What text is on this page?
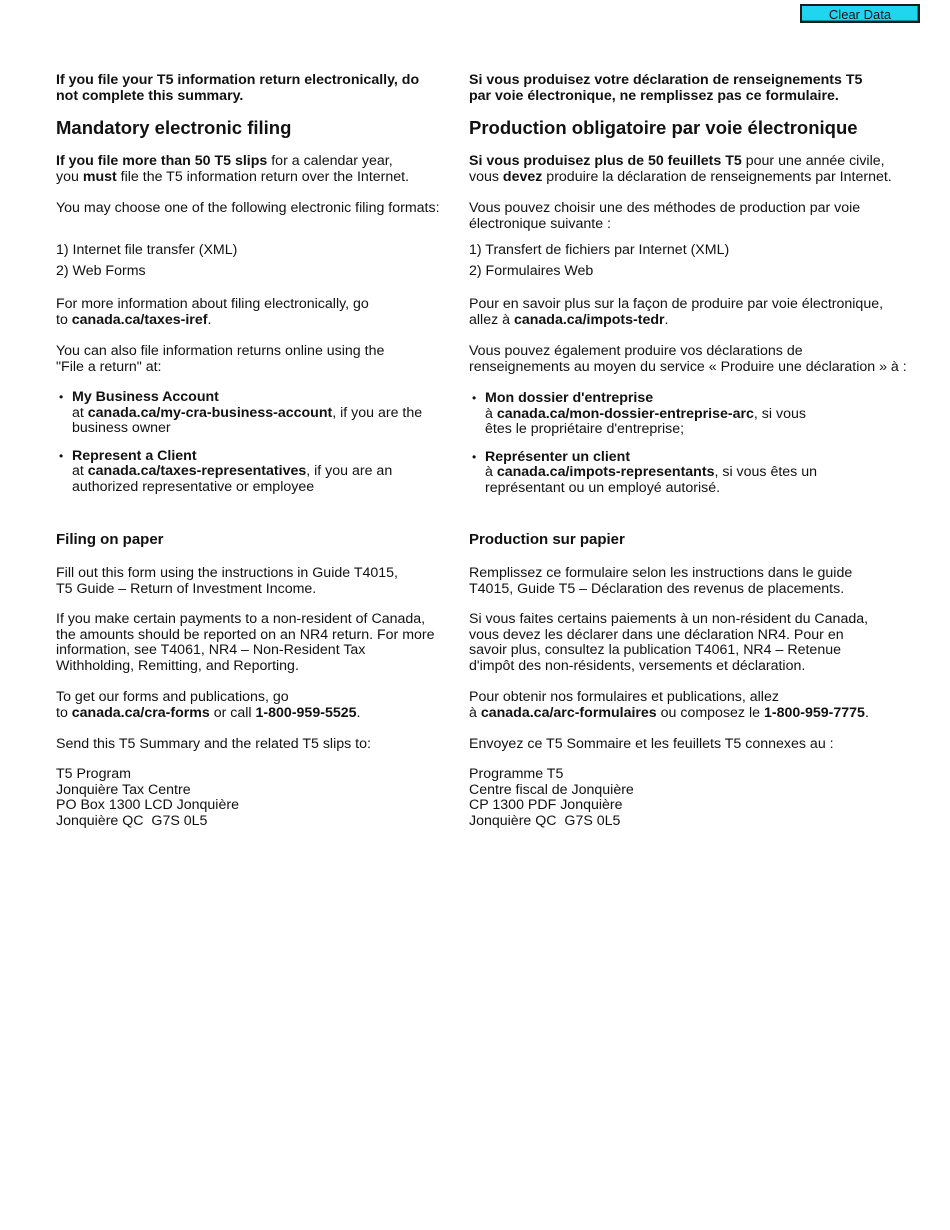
Clear Data

If you file your T5 information return electronically, do not complete this summary.

Mandatory electronic filing

If you file more than 50 T5 slips for a calendar year,
you must file the T5 information return over the Internet.

You may choose one of the following electronic filing formats:

1) Internet file transfer (XML)

2) Web Forms

For more information about filing electronically, go
to canada.ca/taxes-iref.

You can also file information returns online using the
"File a return" at:

• My Business Account
at canada.ca/my-cra-business-account, if you are the business owner
• Represent a Client
at canada.ca/taxes-representatives, if you are an authorized representative or employee
Filing on paper

Fill out this form using the instructions in Guide T4015,
T5 Guide – Return of Investment Income.

If you make certain payments to a non-resident of Canada, the amounts should be reported on an NR4 return. For more information, see T4061, NR4 – Non-Resident Tax Withholding, Remitting, and Reporting.

To get our forms and publications, go
to canada.ca/cra-forms or call 1-800-959-5525.

Send this T5 Summary and the related T5 slips to:

T5 Program
Jonquière Tax Centre
PO Box 1300 LCD Jonquière
Jonquière QC  G7S 0L5

Si vous produisez votre déclaration de renseignements T5 par voie électronique, ne remplissez pas ce formulaire.

Production obligatoire par voie électronique

Si vous produisez plus de 50 feuillets T5 pour une année civile,
vous devez produire la déclaration de renseignements par Internet.

Vous pouvez choisir une des méthodes de production par voie électronique suivante :

1) Transfert de fichiers par Internet (XML)

2) Formulaires Web

Pour en savoir plus sur la façon de produire par voie électronique,
allez à canada.ca/impots-tedr.

Vous pouvez également produire vos déclarations de
renseignements au moyen du service « Produire une déclaration » à :

• Mon dossier d'entreprise
à canada.ca/mon-dossier-entreprise-arc, si vous êtes le propriétaire d'entreprise;
• Représenter un client
à canada.ca/impots-representants, si vous êtes un représentant ou un employé autorisé.
Production sur papier

Remplissez ce formulaire selon les instructions dans le guide
T4015, Guide T5 – Déclaration des revenus de placements.

Si vous faites certains paiements à un non-résident du Canada, vous devez les déclarer dans une déclaration NR4. Pour en savoir plus, consultez la publication T4061, NR4 – Retenue d'impôt des non-résidents, versements et déclaration.

Pour obtenir nos formulaires et publications, allez
à canada.ca/arc-formulaires ou composez le 1-800-959-7775.

Envoyez ce T5 Sommaire et les feuillets T5 connexes au :

Programme T5
Centre fiscal de Jonquière
CP 1300 PDF Jonquière
Jonquière QC  G7S 0L5
